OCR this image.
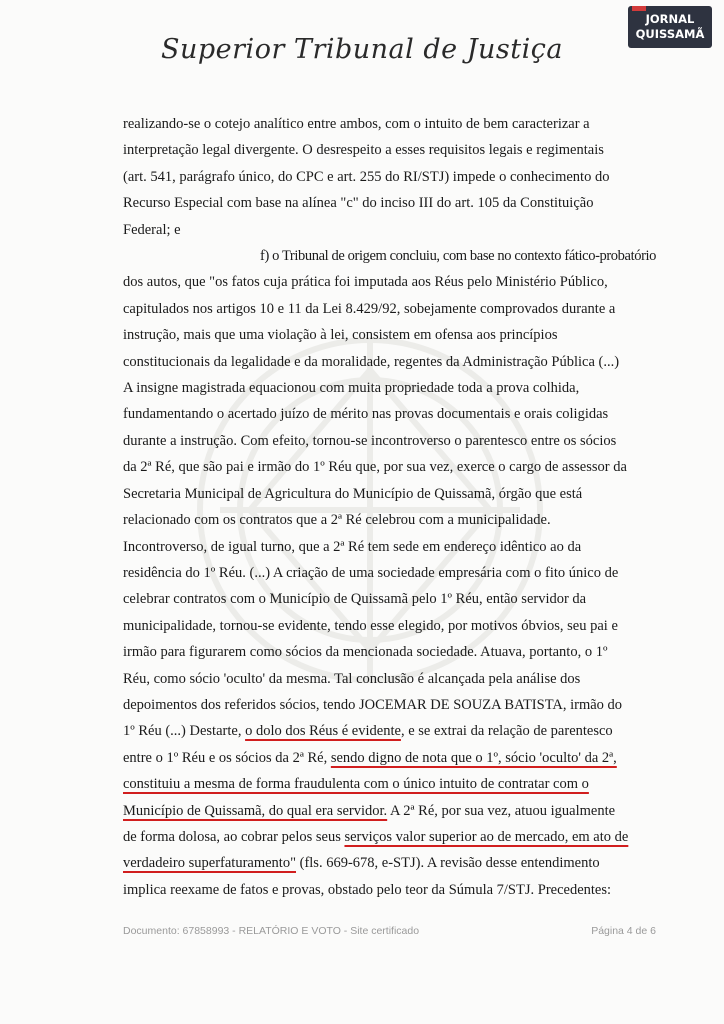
Superior Tribunal de Justiça
JORNAL
QUISSAMÃ

realizando-se o cotejo analítico entre ambos, com o intuito de bem caracterizar a
interpretação legal divergente. O desrespeito a esses requisitos legais e regimentais
(art. 541, parágrafo único, do CPC e art. 255 do RI/STJ) impede o conhecimento do
Recurso Especial com base na alínea "c" do inciso III do art. 105 da Constituição
Federal; e

f) o Tribunal de origem concluiu, com base no contexto fático-probatório
dos autos, que "os fatos cuja prática foi imputada aos Réus pelo Ministério Público,
capitulados nos artigos 10 e 11 da Lei 8.429/92, sobejamente comprovados durante a
instrução, mais que uma violação à lei, consistem em ofensa aos princípios
constitucionais da legalidade e da moralidade, regentes da Administração Pública (...)
A insigne magistrada equacionou com muita propriedade toda a prova colhida,
fundamentando o acertado juízo de mérito nas provas documentais e orais coligidas
durante a instrução. Com efeito, tornou-se incontroverso o parentesco entre os sócios
da 2ª Ré, que são pai e irmão do 1º Réu que, por sua vez, exerce o cargo de assessor da
Secretaria Municipal de Agricultura do Município de Quissamã, órgão que está
relacionado com os contratos que a 2ª Ré celebrou com a municipalidade.
Incontroverso, de igual turno, que a 2ª Ré tem sede em endereço idêntico ao da
residência do 1º Réu. (...) A criação de uma sociedade empresária com o fito único de
celebrar contratos com o Município de Quissamã pelo 1º Réu, então servidor da
municipalidade, tornou-se evidente, tendo esse elegido, por motivos óbvios, seu pai e
irmão para figurarem como sócios da mencionada sociedade. Atuava, portanto, o 1º
Réu, como sócio 'oculto' da mesma. Tal conclusão é alcançada pela análise dos
depoimentos dos referidos sócios, tendo JOCEMAR DE SOUZA BATISTA, irmão do
1º Réu (...) Destarte, o dolo dos Réus é evidente, e se extrai da relação de parentesco
entre o 1º Réu e os sócios da 2ª Ré, sendo digno de nota que o 1º, sócio 'oculto' da 2ª,
constituiu a mesma de forma fraudulenta com o único intuito de contratar com o
Município de Quissamã, do qual era servidor. A 2ª Ré, por sua vez, atuou igualmente
de forma dolosa, ao cobrar pelos seus serviços valor superior ao de mercado, em ato de
verdadeiro superfaturamento" (fls. 669-678, e-STJ). A revisão desse entendimento
implica reexame de fatos e provas, obstado pelo teor da Súmula 7/STJ. Precedentes:

Documento: 67858993 - RELATÓRIO E VOTO - Site certificado	Página 4 de 6
